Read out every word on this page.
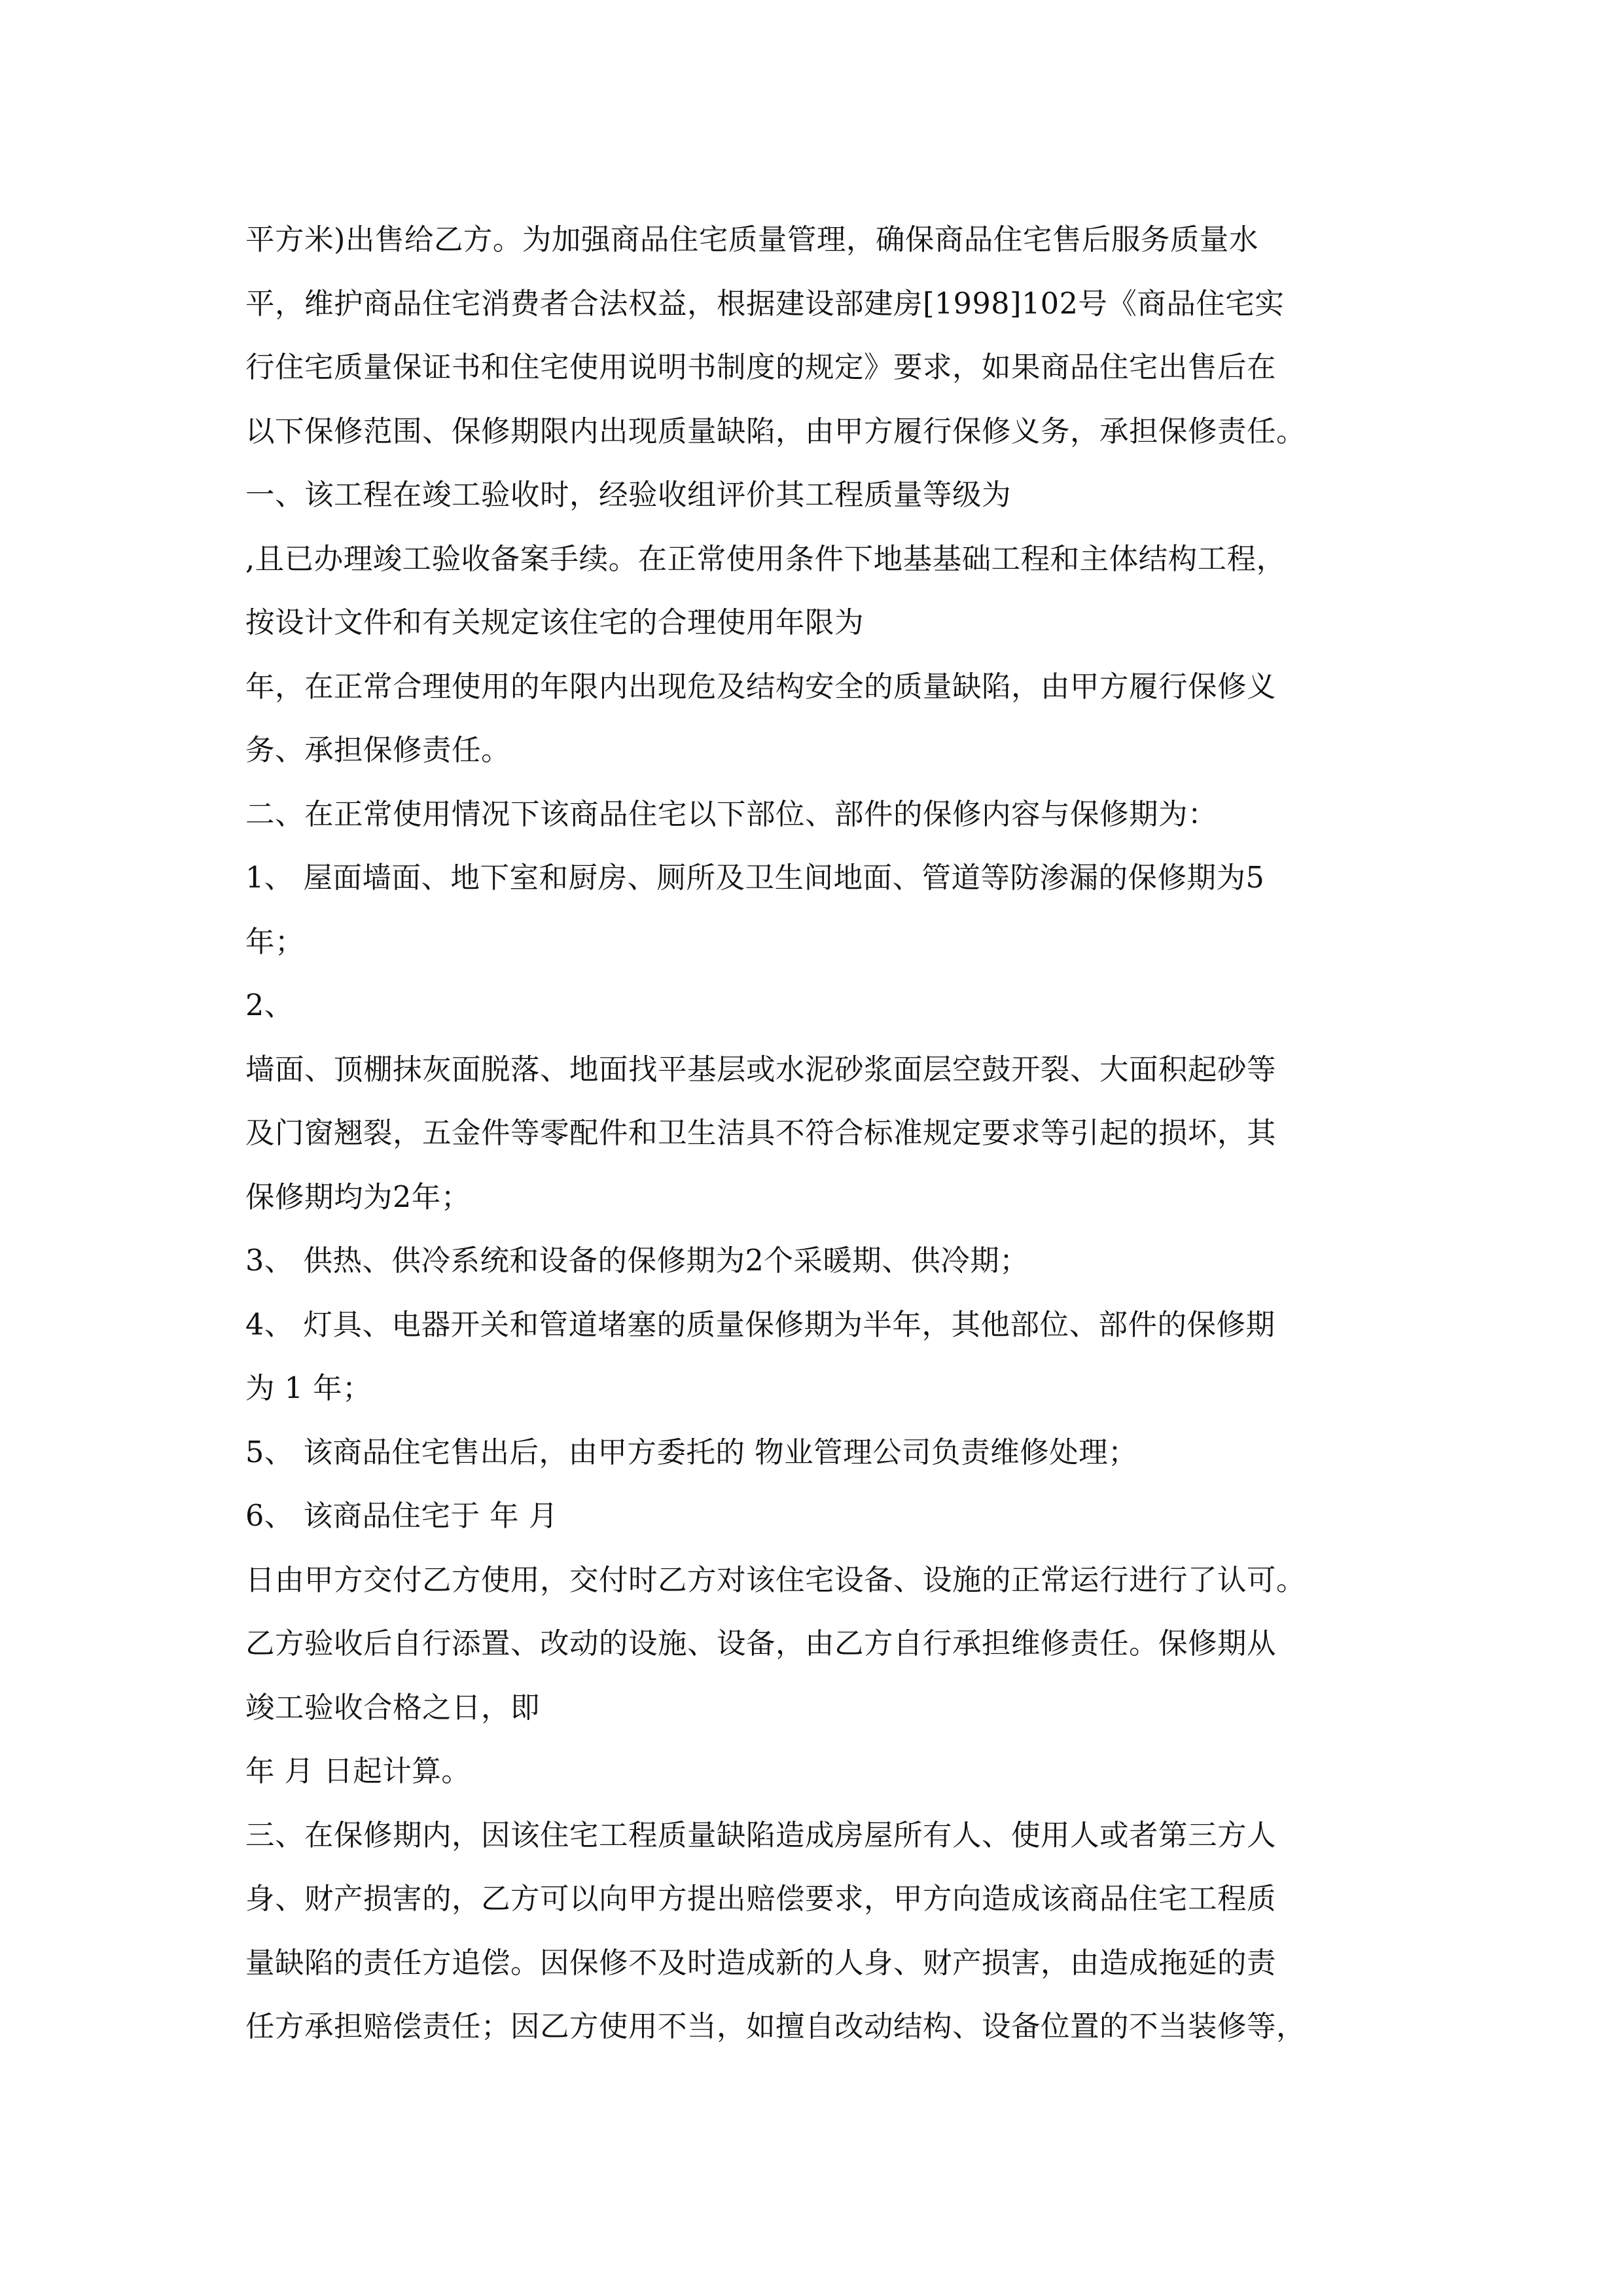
平方米)出售给乙方。为加强商品住宅质量管理，确保商品住宅售后服务质量水
平，维护商品住宅消费者合法权益，根据建设部建房[1998]102号《商品住宅实
行住宅质量保证书和住宅使用说明书制度的规定》要求，如果商品住宅出售后在
以下保修范围、保修期限内出现质量缺陷，由甲方履行保修义务，承担保修责任。
一、该工程在竣工验收时，经验收组评价其工程质量等级为
,且已办理竣工验收备案手续。在正常使用条件下地基基础工程和主体结构工程，
按设计文件和有关规定该住宅的合理使用年限为
年，在正常合理使用的年限内出现危及结构安全的质量缺陷，由甲方履行保修义
务、承担保修责任。
二、在正常使用情况下该商品住宅以下部位、部件的保修内容与保修期为：
1、 屋面墙面、地下室和厨房、厕所及卫生间地面、管道等防渗漏的保修期为5
年；
2、
墙面、顶棚抹灰面脱落、地面找平基层或水泥砂浆面层空鼓开裂、大面积起砂等
及门窗翘裂，五金件等零配件和卫生洁具不符合标准规定要求等引起的损坏，其
保修期均为2年；
3、 供热、供冷系统和设备的保修期为2个采暖期、供冷期；
4、 灯具、电器开关和管道堵塞的质量保修期为半年，其他部位、部件的保修期
为 1 年；
5、 该商品住宅售出后，由甲方委托的 物业管理公司负责维修处理；
6、 该商品住宅于 年 月
日由甲方交付乙方使用，交付时乙方对该住宅设备、设施的正常运行进行了认可。
乙方验收后自行添置、改动的设施、设备，由乙方自行承担维修责任。保修期从
竣工验收合格之日，即
年 月 日起计算。
三、在保修期内，因该住宅工程质量缺陷造成房屋所有人、使用人或者第三方人
身、财产损害的，乙方可以向甲方提出赔偿要求，甲方向造成该商品住宅工程质
量缺陷的责任方追偿。因保修不及时造成新的人身、财产损害，由造成拖延的责
任方承担赔偿责任；因乙方使用不当，如擅自改动结构、设备位置的不当装修等，
